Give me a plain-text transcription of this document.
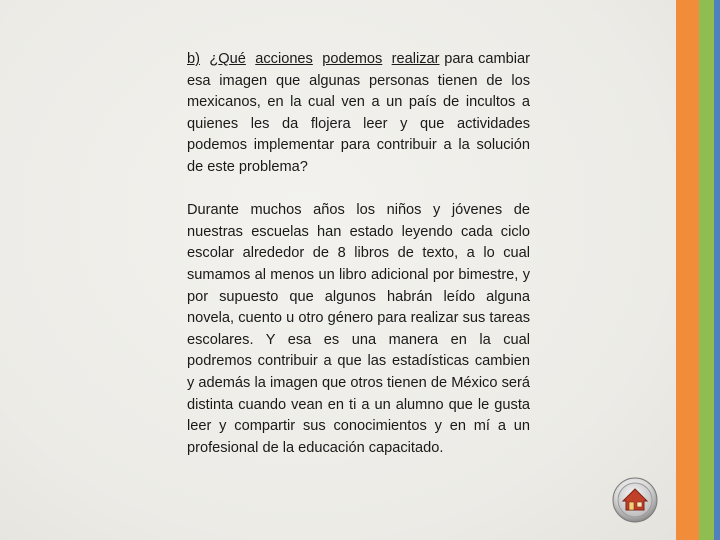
b) ¿Qué acciones podemos realizar para cambiar esa imagen que algunas personas tienen de los mexicanos, en la cual ven a un país de incultos a quienes les da flojera leer y que actividades podemos implementar para contribuir a la solución de este problema?

Durante muchos años los niños y jóvenes de nuestras escuelas han estado leyendo cada ciclo escolar alrededor de 8 libros de texto, a lo cual sumamos al menos un libro adicional por bimestre, y por supuesto que algunos habrán leído alguna novela, cuento u otro género para realizar sus tareas escolares. Y esa es una manera en la cual podremos contribuir a que las estadísticas cambien y además la imagen que otros tienen de México será distinta cuando vean en ti a un alumno que le gusta leer y compartir sus conocimientos y en mí a un profesional de la educación capacitado.
